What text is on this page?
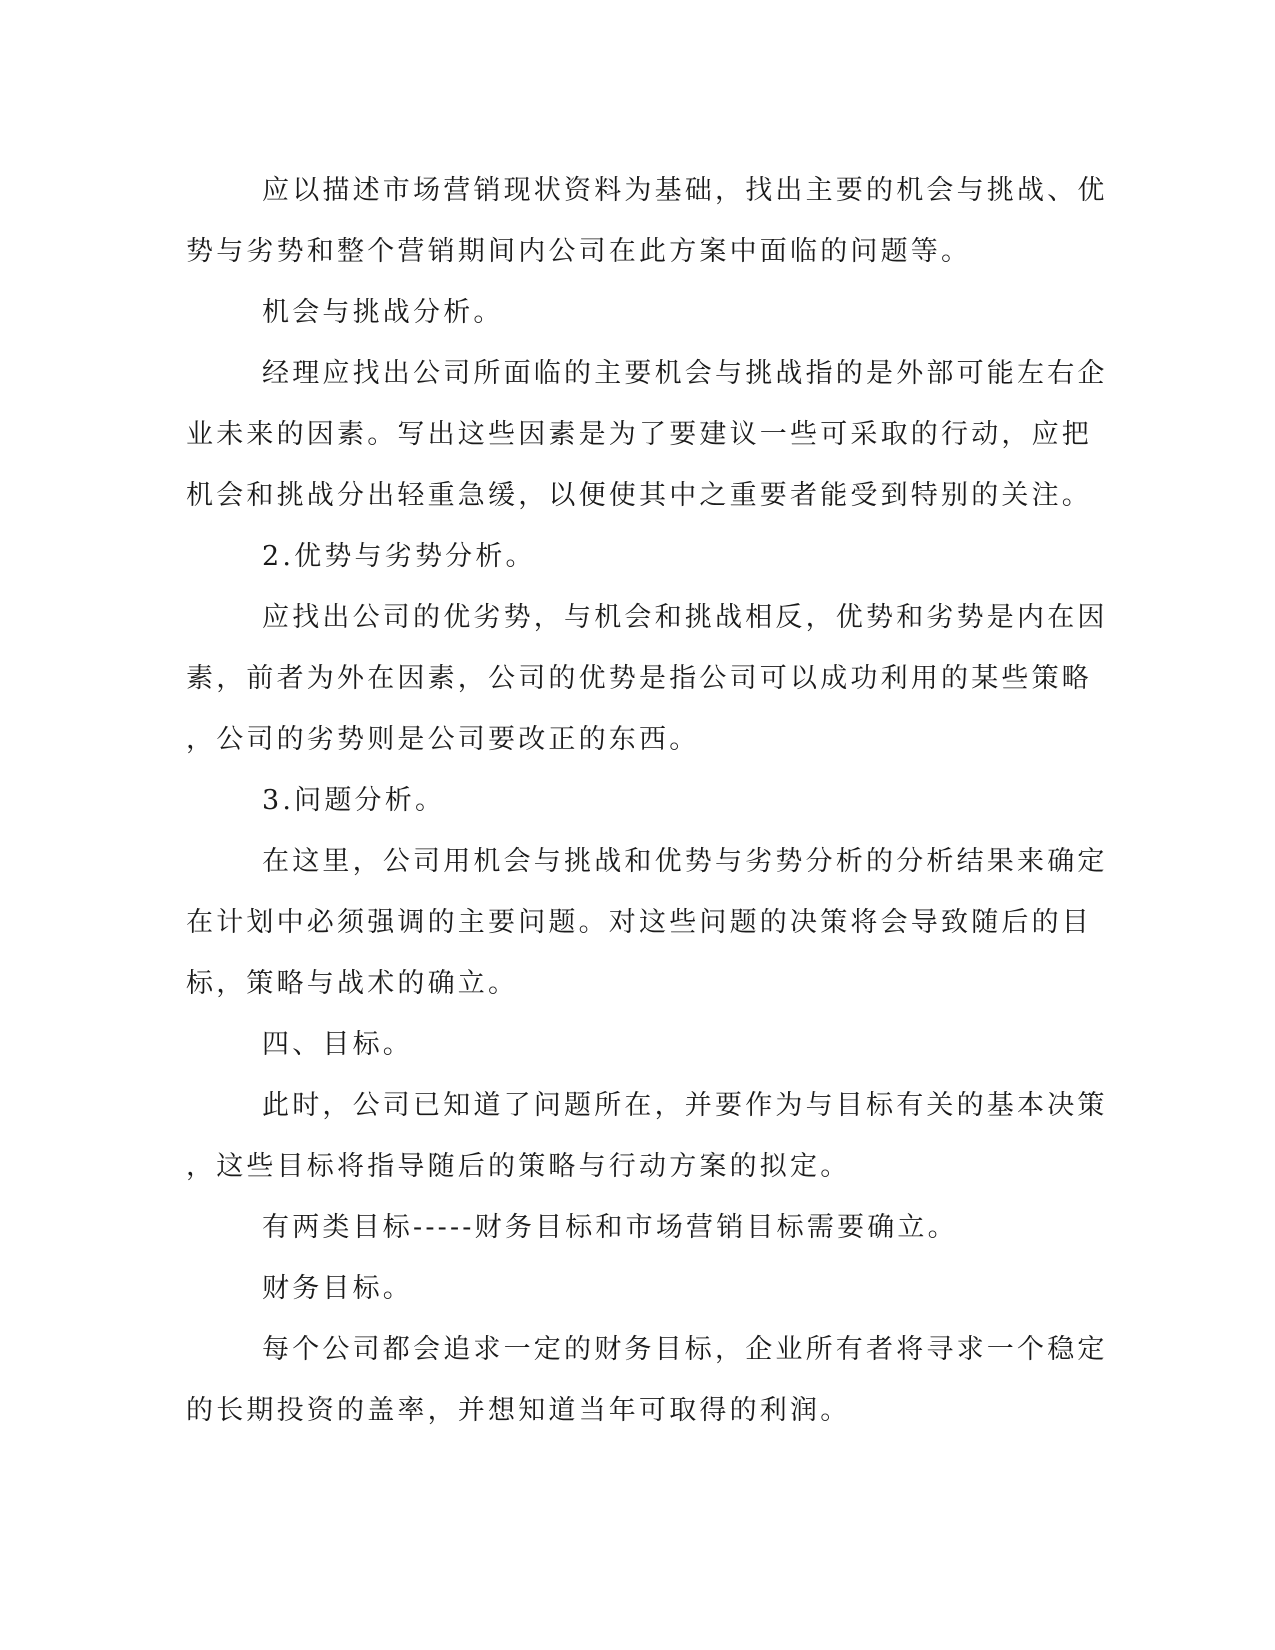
应以描述市场营销现状资料为基础，找出主要的机会与挑战、优
势与劣势和整个营销期间内公司在此方案中面临的问题等。
机会与挑战分析。
经理应找出公司所面临的主要机会与挑战指的是外部可能左右企
业未来的因素。写出这些因素是为了要建议一些可采取的行动，应把
机会和挑战分出轻重急缓，以便使其中之重要者能受到特别的关注。
2.优势与劣势分析。
应找出公司的优劣势，与机会和挑战相反，优势和劣势是内在因
素，前者为外在因素，公司的优势是指公司可以成功利用的某些策略
，公司的劣势则是公司要改正的东西。
3.问题分析。
在这里，公司用机会与挑战和优势与劣势分析的分析结果来确定
在计划中必须强调的主要问题。对这些问题的决策将会导致随后的目
标，策略与战术的确立。
四、目标。
此时，公司已知道了问题所在，并要作为与目标有关的基本决策
，这些目标将指导随后的策略与行动方案的拟定。
有两类目标-----财务目标和市场营销目标需要确立。
财务目标。
每个公司都会追求一定的财务目标，企业所有者将寻求一个稳定
的长期投资的盖率，并想知道当年可取得的利润。
